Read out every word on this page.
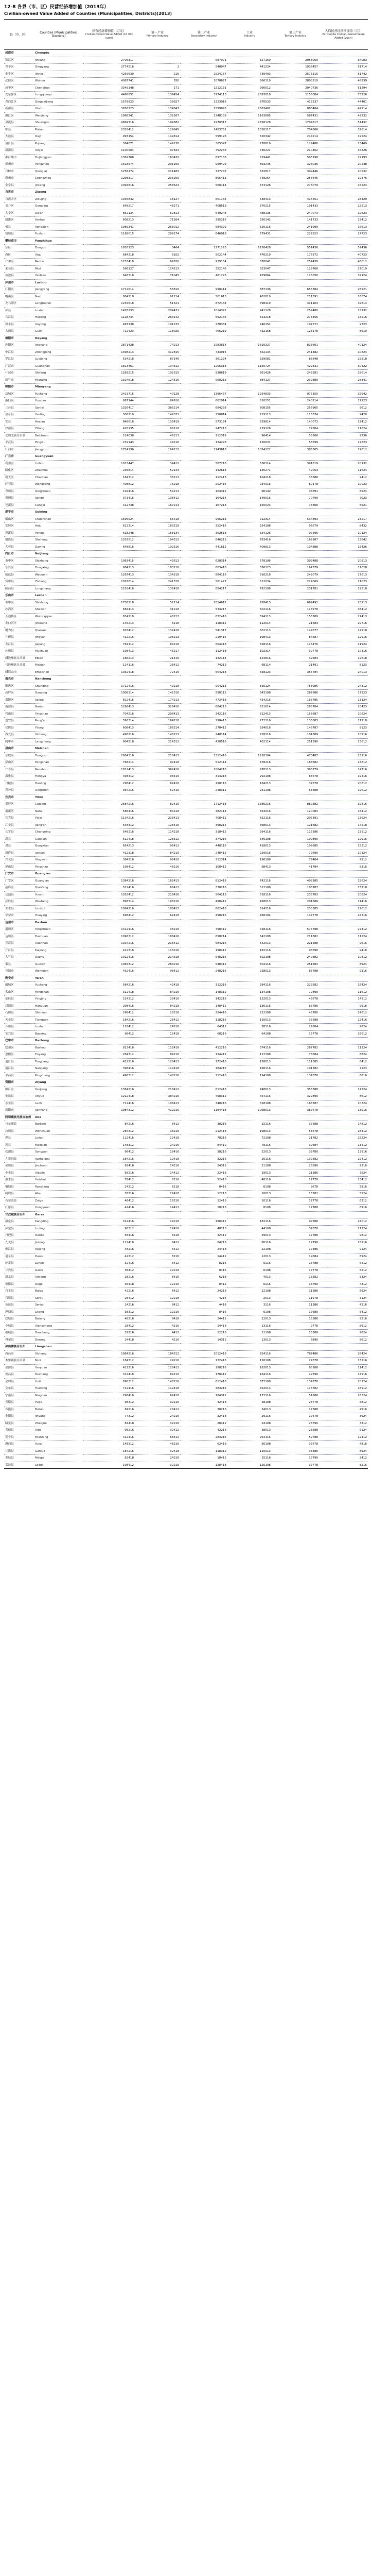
12-8 各县（市、区）民营经济增加值（2013年）
Civilian-owned Value Added of Counties (Municipalities, Districts)(2013)
县（市、区）	Counties (Municipalities, Districts)	民营经济增加值（万元）
Civilian-owned Value Added (10 000 yuan)	第一产业
Primary Industry	第二产业
Secondary Industry	工业
Industry	第三产业
Tertiary Industry	人均民营经济增加值（元）
Per Capita Civilian-owned Value Added (yuan)

成都市	Chengdu						
锦江区	Jinjiang	2705317		587971	327160	2053069	64083
青羊区	Qingyang	2774516	2	548947	441224	1938457	51714
金牛区	Jinniu	4259639	216	1524167	739403	2575316	51742
武侯区	Wuhou	4087741	550	1078627	866119	2808510	48939
成华区	Chenghua	3349148	171	1212131	990012	2040736	51294
龙泉驿区	Longquanyi	4468851	139454	3174113	2893018	1155084	73226
青白江区	Qingbaijiang	1578823	39927	1223016	870533	415237	44401
新都区	Xindu	3658223	174847	2599893	2363402	883484	49214
温江区	Wenjiang	1968241	132267	1248138	1163885	587431	42232
双流县	Shuangliu	4869716	194582	2970317	2658128	1704817	51432
郫县	Pixian	2318412	129845	1483761	1330117	704806	32814
大邑县	Dayi	993154	149814	599126	520342	244214	19524
蒲江县	Pujiang	584071	149238	305347	278619	129486	23469
新津县	Xinjin	1100504	97844	792258	730221	210402	34326
都江堰市	Dujiangyan	1362768	160432	697138	619441	505198	22193
彭州市	Pengzhou	1618574	291169	999429	893245	328036	20248
邛崃市	Qionglai	1258174	211483	737245	632817	309446	20532
崇州市	Chongzhou	1298317	236259	805413	748264	256645	19376
金堂县	Jintang	1094816	258623	560114	473126	276079	15224
自贡市	Zigong						
自流井区	Ziliujing	1035842	18127	601164	548413	416551	28429
贡井区	Gongjing	648217	48271	408513	370215	191433	22513
大安区	Da'an	852134	62813	549248	488135	240073	19623
沿滩区	Yantan	608213	71264	395216	350142	141733	19412
荣县	Rongxian	1089341	263012	584329	520116	241999	16613
富顺县	Fushun	1168015	299174	646018	579431	222823	14723
攀枝花市	Panzhihua						
东区	Dongqu	1826123	3464	1271223	1150428	551436	57436
西区	Xiqu	684218	6102	502144	476219	175972	40723
仁和区	Renhe	1253418	69826	929154	870041	254438	48012
米易县	Miyi	596127	114213	352146	323047	129768	27019
盐边县	Yanbian	648318	71045	461223	429864	116050	32124
泸州市	Luzhou						
江阳区	Jiangyang	1712614	58816	998414	887136	655384	28921
纳溪区	Naxi	804218	91214	501613	462019	211391	16874
龙马潭区	Longmatan	1234618	51321	872134	798419	311163	32814
泸县	Luxian	1478233	204431	1014322	941128	259480	15132
合江县	Hejiang	1128734	263142	592136	523218	273456	13216
叙永县	Xuyong	487138	101233	278334	246152	107571	9723
古蔺县	Gulin	712423	118026	466219	432158	128178	8619
德阳市	Deyang						
旌阳区	Jingyang	2871428	74213	1983614	1810327	813601	40124
中江县	Zhongjiang	1398213	412815	743916	652134	241482	10824
罗江县	Luojiang	534218	87146	361224	329081	85848	22818
广汉市	Guanghan	1813461	134312	1256318	1150724	422831	30422
什邡市	Shifang	1283215	102315	938619	861426	242281	29614
绵竹市	Mianzhu	1324618	124516	960213	884127	239889	28341
绵阳市	Mianyang						
涪城区	Fucheng	2413715	40128	1396437	1254833	977150	32942
游仙区	Youxian	987144	84916	662014	610251	240214	17923
三台县	Santai	1326417	385214	684238	608155	256965	9612
盐亭县	Yanting	508219	142031	250814	219113	115374	9428
安县	Anxian	848616	135419	573124	529814	140073	19412
梓潼县	Zitong	418135	98118	247213	219126	72804	11624
北川羌族自治县	Beichuan	214038	46213	112319	96414	55506	9536
平武县	Pingwu	232143	44216	134228	120631	53699	12823
江油市	Jiangyou	1724136	194213	1143618	1054122	386305	19612
广元市	Guangyuan						
利州区	Lizhou	1013447	34412	587216	536114	391819	20132
昭化区	Zhaohua	236814	52143	142618	130271	42053	11624
朝天区	Chaotian	184312	36213	112413	104218	35686	9412
旺苍县	Wangcang	408812	76218	252416	234016	80178	10023
青川县	Qingchuan	192416	54213	104312	96142	33891	8524
剑阁县	Jiange	373416	138412	164214	149016	70790	7023
苍溪县	Cangxi	412738	167214	167218	150023	78306	6521
遂宁市	Suining						
船山区	Chuanshan	1596524	65418	996213	912314	534893	23217
安居区	Anju	612314	163219	352416	324108	96679	8432
蓬溪县	Pengxi	618248	158134	362518	334126	97596	10124
射洪县	Shehong	1203512	194312	846213	783416	162987	13842
大英县	Daying	648816	102316	441612	409813	104888	15426
内江市	Neijiang						
市中区	Shizhong	1063415	42613	628314	578106	392488	20813
东兴区	Dongxing	984213	183216	603418	556123	197579	11628
威远县	Weiyuan	1267413	134218	884116	816218	249079	17613
资中县	Zizhong	1026814	241318	561427	512034	224069	11023
隆昌县	Longchang	1218416	132418	854217	792108	231781	19518
乐山市	Leshan						
市中区	Shizhong	1736218	52114	1014612	928413	669492	28913
沙湾区	Shawan	684413	31218	534217	502116	118978	38412
五通桥区	Wutongqiao	834218	48213	632416	594113	153589	27413
金口河区	Jinkouhe	146213	6218	118312	112014	21683	29716
犍为县	Qianwei	818412	132418	541317	502113	144677	14218
井研县	Jingyan	412216	108213	219416	198413	84587	12916
夹江县	Jiajiang	764112	84218	564418	528116	115476	21924
沐川县	Muchuan	198413	46217	112418	102314	39778	10316
峨边彝族自治县	Ebian	186213	21416	132114	124816	32683	12618
马边彝族自治县	Mabian	124116	28412	74213	68114	21491	8123
峨眉山市	Emeishan	1032418	72416	604218	558123	355784	24013
南充市	Nanchong						
顺庆区	Shunqing	1712416	49218	904213	816124	758985	24312
高坪区	Gaoping	1008314	142316	598112	543108	267886	17323
嘉陵区	Jialing	812416	174213	472418	434216	165785	13124
南部县	Nanbu	1298413	328416	684213	621014	285784	10423
营山县	Yingshan	704216	208413	342116	312413	153687	10624
蓬安县	Peng'an	598314	164218	298413	272116	135683	11218
仪陇县	Yilong	608413	186214	278412	254016	143787	9123
西充县	Xichong	498216	148213	248114	228216	101889	10916
阆中市	Langzhong	904218	214312	438516	402114	251390	13612
眉山市	Meishan						
东坡区	Dongpo	2004316	218413	1312416	1218104	473487	23916
彭山区	Pengshan	768214	92418	512114	478216	163682	23812
仁寿县	Renshou	1812413	362416	1064218	978113	385779	14716
洪雅县	Hongya	498312	98416	314218	292108	85678	19316
丹棱县	Danling	298412	62418	198116	184213	37878	20812
青神县	Qingshen	364216	52416	248312	231108	63488	19612
宜宾市	Yibin						
翠屏区	Cuiping	2684216	82416	1712418	1586216	889382	32816
南溪区	Nanxi	586416	84218	382114	354016	120084	15412
宜宾县	Yibin	1134216	218413	708412	652116	207391	13624
江安县	Jiang'an	648312	128416	398214	368013	121682	14218
长宁县	Changning	548216	114218	318412	294116	115586	13512
高县	Gaoxian	612418	128312	374216	346108	109890	12916
珙县	Gongxian	654213	96412	448116	418013	109685	15312
筠连县	Junlian	412318	84216	248412	229016	79690	10324
兴文县	Xingwen	384216	92418	212314	196108	79484	9512
屏山县	Pingshan	198412	48216	108412	98413	41784	8316
广安市	Guang'an						
广安区	Guang'an	1384216	162413	812418	742116	409385	15624
前锋区	Qianfeng	512416	68413	338216	312108	105787	15218
岳池县	Yuechi	1018412	218416	564213	518116	235783	10824
武胜县	Wusheng	898314	198216	498412	458013	201686	11416
邻水县	Linshui	1084216	188413	662418	614216	233385	12612
华蓥市	Huaying	698412	62418	498216	468104	137778	24316
达州市	Dazhou						
通川区	Tongchuan	1412416	38216	798412	728116	575788	27412
达川区	Dachuan	1098312	188416	698214	642108	211682	11524
宣汉县	Xuanhan	1024216	218412	584216	542013	221588	9616
开江县	Kaijiang	412318	118216	198412	182116	95690	9418
大竹县	Dazhu	1012416	214318	548216	502108	249882	10812
渠县	Quxian	1084312	284216	548412	504116	251684	8924
万源市	Wanyuan	432416	98412	248216	228013	85788	9316
雅安市	Ya'an						
雨城区	Yucheng	584216	42418	312216	284116	229582	16424
名山区	Mingshan	312418	84216	148312	134108	79890	11612
荥经县	Yingjing	214312	28416	142218	132013	43678	14912
汉源县	Hanyuan	298416	84218	148412	136116	65786	9918
石棉县	Shimian	298412	28216	224416	212108	45780	24612
天全县	Tianquan	184216	28412	118216	110013	37588	12416
芦山县	Lushan	118412	24216	64312	58116	29884	9824
宝兴县	Baoxing	96412	12418	68216	64108	15778	16612
巴中市	Bazhong						
巴州区	Bazhou	812416	112418	412216	374116	287782	11224
恩阳区	Enyang	284312	84216	124412	112108	75684	6824
通江县	Tongjiang	412216	128413	172418	158013	111385	6412
南江县	Nanjiang	398416	112418	184216	168116	101782	7123
平昌县	Pingchang	498312	148216	212418	194108	137678	6816
资阳市	Ziyang						
雁江区	Yanjiang	1384216	218412	812416	748013	353388	14224
安岳县	Anyue	1212418	384216	498312	454116	329890	8612
乐至县	Lezhi	712416	198413	348216	318108	165787	10324
简阳市	Jianyang	1984312	412216	1184418	1098013	387678	13916
阿坝藏族羌族自治州	Aba						
马尔康县	Barkam	84216	8412	38216	32116	37588	14812
汶川县	Wenchuan	284312	18216	212418	198013	53678	28412
理县	Lixian	112416	12418	78216	72108	21782	25224
茂县	Maoxian	148312	24216	84412	78116	39684	13412
松潘县	Songpan	96412	18416	38216	32013	39780	12916
九寨沟县	Jiuzhaigou	184216	12418	32216	26116	139582	22412
金川县	Jinchuan	62418	14216	24312	21108	23890	9316
小金县	Xiaojin	58216	14412	22418	19013	21386	7524
黑水县	Heishui	78412	8216	52418	48116	17778	13412
壤塘县	Rangtang	24312	6218	8416	6108	9678	5916
阿坝县	Aba	38216	12418	12216	10013	13582	5124
若尔盖县	Zoige	48412	18216	12418	10116	17778	6312
红原县	Hongyuan	42416	14412	10216	8108	17788	8916
甘孜藏族自治州	Garze						
康定县	Kangding	312416	14218	198412	182116	99786	24012
泸定县	Luding	98312	12416	48218	44108	37678	11224
丹巴县	Danba	58416	8218	32412	29013	17786	9812
九龙县	Jiulong	112418	8412	84216	80116	19790	18916
雅江县	Yajiang	48216	6412	24418	22108	17386	9124
道孚县	Dawu	42312	8216	14412	12013	19684	6924
炉霍县	Luhuo	32416	8412	8216	6116	15788	6412
甘孜县	Garze	38412	12218	8416	6108	17778	5212
新龙县	Xinlong	28216	8416	6218	4013	13582	5324
德格县	Dege	36418	12216	8412	6116	15790	4312
白玉县	Baiyu	42216	6412	24218	22108	11586	8924
石渠县	Serxu	28412	12218	4216	2013	11978	3124
色达县	Sertar	24216	8412	4418	3116	11386	4216
理塘县	Litang	38312	12216	8416	6108	17680	5412
巴塘县	Batang	48216	8418	24412	22013	15386	9216
乡城县	Xiangcheng	28412	4216	14418	13116	9778	8912
稻城县	Daocheng	32216	4412	12216	11108	15588	9824
得荣县	Derong	24418	4216	14312	13013	5890	8612
凉山彝族自治州	Liangshan						
西昌市	Xichang	1984216	184312	1012418	924116	787486	26424
木里藏族自治县	Muli	184312	24216	132418	126108	27678	13216
盐源县	Yanyuan	412216	128412	198216	182013	85588	11412
德昌县	Dechang	312418	84216	178412	164116	49790	14916
会理县	Huili	898312	148216	612418	572108	137678	20124
会东县	Huidong	712416	112418	484216	452013	115782	18912
宁南县	Ningnan	298416	62418	184312	172116	51686	16324
普格县	Puge	98412	32216	42418	38108	23778	5812
布拖县	Butuo	84216	28412	38216	34013	17588	4916
金阳县	Jinyang	74312	24216	32418	29116	17678	3924
昭觉县	Zhaojue	84418	32216	28412	24108	23790	3312
喜德县	Xide	98216	32412	42216	38013	23588	5124
冕宁县	Mianning	412416	68412	284216	264116	59788	12412
越西县	Yuexi	148312	48216	62418	56108	37678	4816
甘洛县	Ganluo	184216	32418	118312	110013	33486	8924
美姑县	Meigu	62418	24216	18412	15116	19790	2412
雷波县	Leibo	198412	32216	128418	120108	37778	8216
